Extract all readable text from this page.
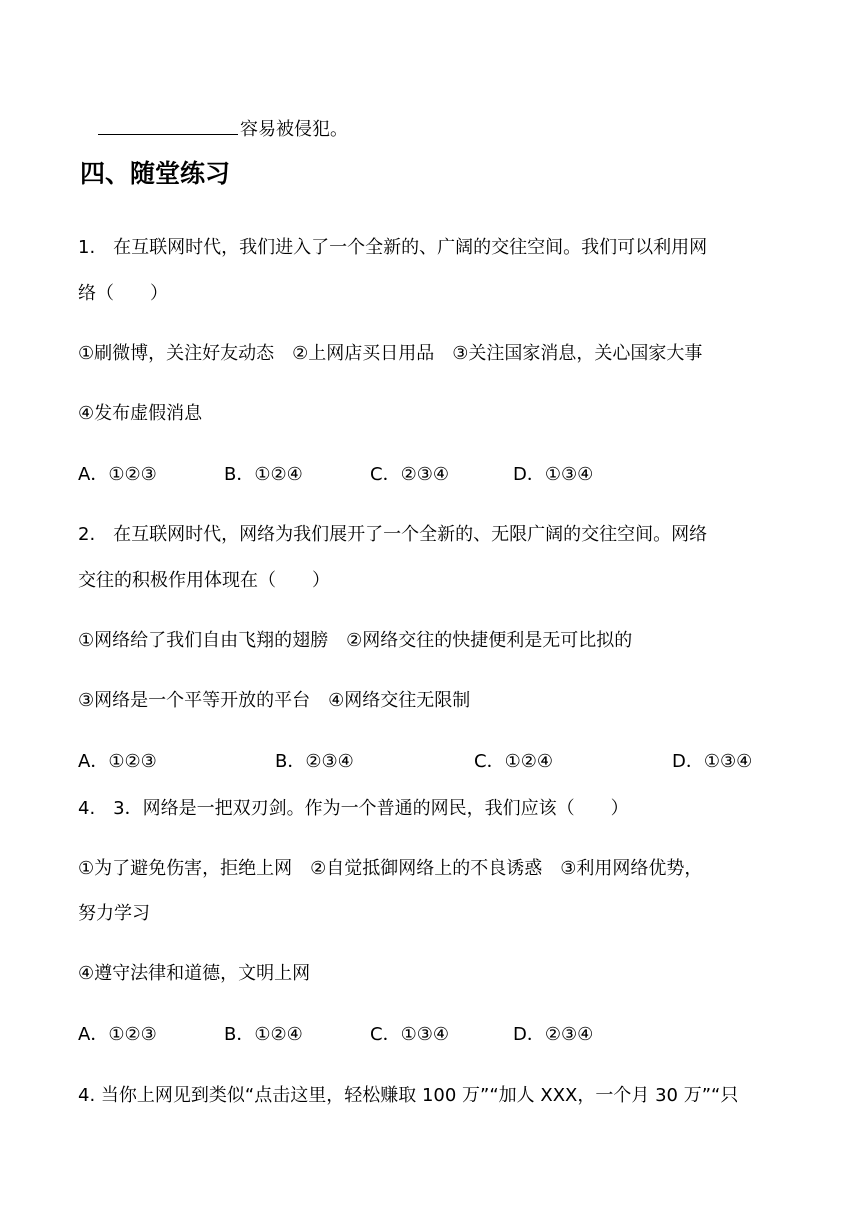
容易被侵犯。
四、随堂练习
1.　在互联网时代，我们进入了一个全新的、广阔的交往空间。我们可以利用网
络（　　）
①刷微博，关注好友动态　②上网店买日用品　③关注国家消息，关心国家大事
④发布虚假消息
A．①②③	B．①②④	C．②③④	D．①③④
2.　在互联网时代，网络为我们展开了一个全新的、无限广阔的交往空间。网络
交往的积极作用体现在（　　）
①网络给了我们自由飞翔的翅膀　②网络交往的快捷便利是无可比拟的
③网络是一个平等开放的平台　④网络交往无限制
A．①②③	B．②③④	C．①②④	D．①③④
4.　3．网络是一把双刃剑。作为一个普通的网民，我们应该（　　）
①为了避免伤害，拒绝上网　②自觉抵御网络上的不良诱惑　③利用网络优势，
努力学习
④遵守法律和道德，文明上网
A．①②③	B．①②④	C．①③④	D．②③④
4. 当你上网见到类似“点击这里，轻松赚取 100 万”“加人 XXX，一个月 30 万”“只
